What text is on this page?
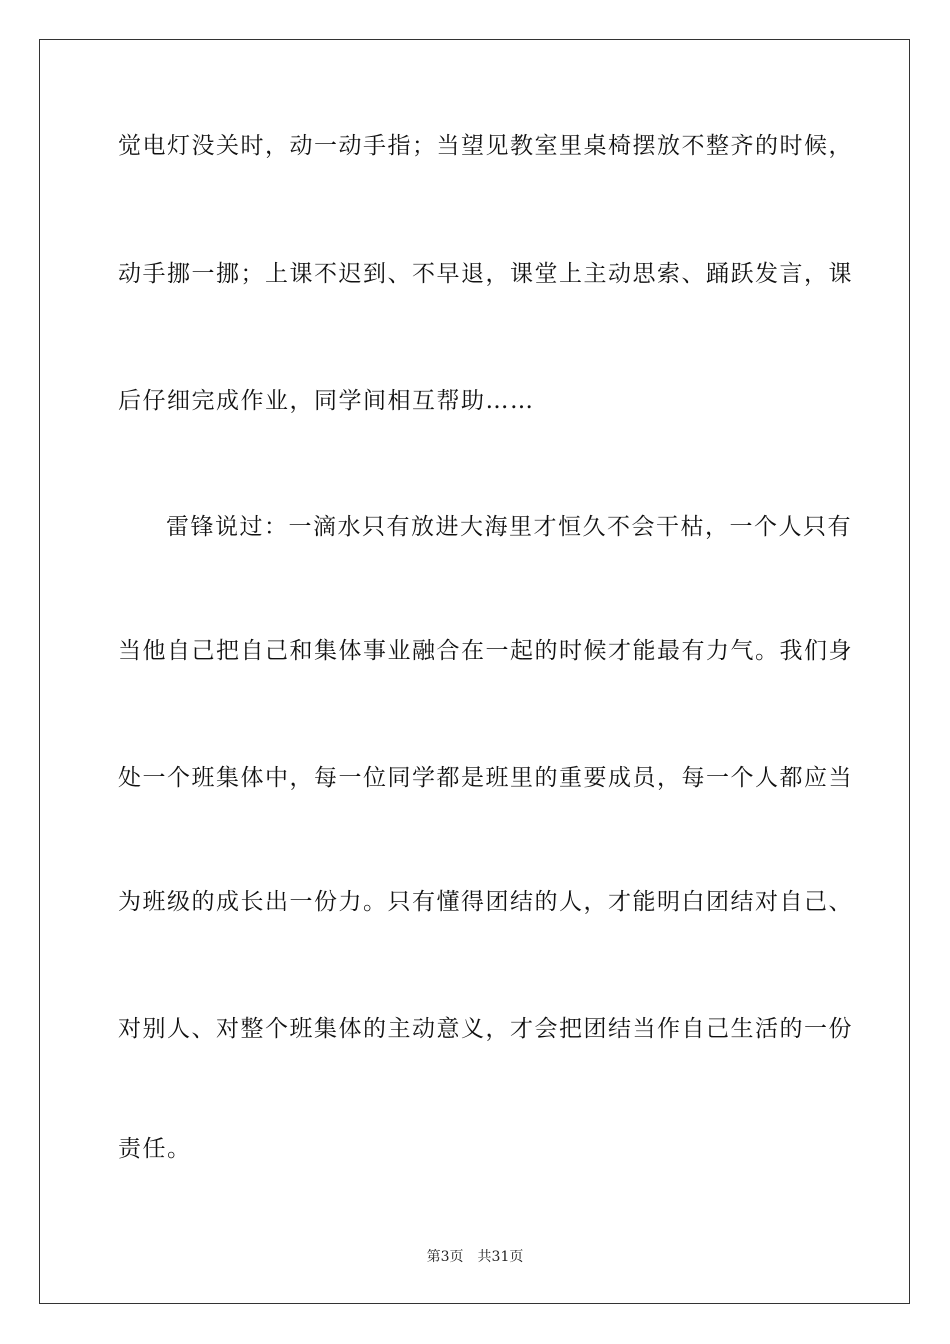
觉电灯没关时，动一动手指；当望见教室里桌椅摆放不整齐的时候，
动手挪一挪；上课不迟到、不早退，课堂上主动思索、踊跃发言，课
后仔细完成作业，同学间相互帮助……
雷锋说过：一滴水只有放进大海里才恒久不会干枯，一个人只有
当他自己把自己和集体事业融合在一起的时候才能最有力气。我们身
处一个班集体中，每一位同学都是班里的重要成员，每一个人都应当
为班级的成长出一份力。只有懂得团结的人，才能明白团结对自己、
对别人、对整个班集体的主动意义，才会把团结当作自己生活的一份
责任。
第3页 共31页
